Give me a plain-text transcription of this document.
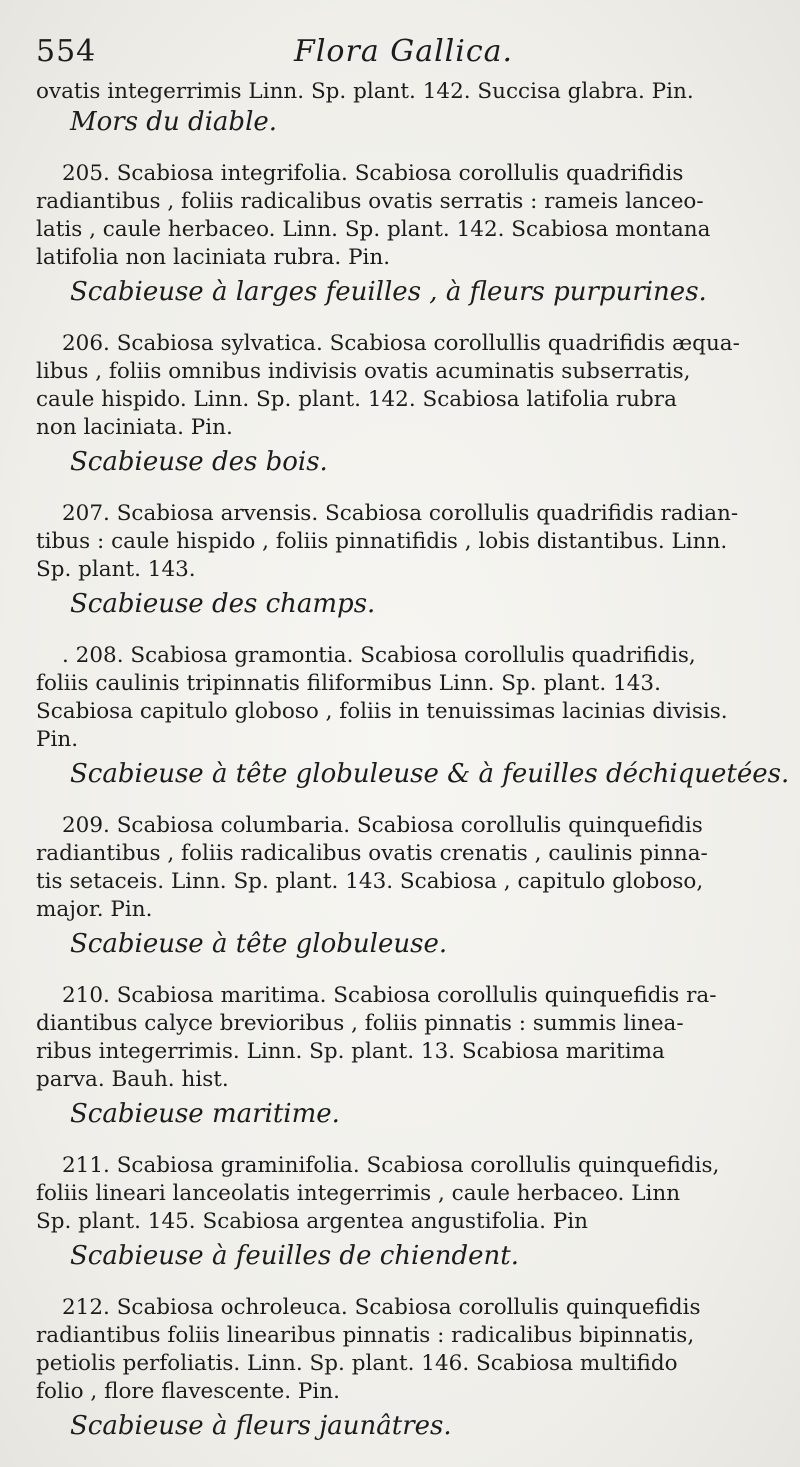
554	Flora Gallica.
ovatis integerrimis Linn. Sp. plant. 142. Succisa glabra. Pin.
Mors du diable.
205. Scabiosa integrifolia. Scabiosa corollulis quadrifidis
radiantibus , foliis radicalibus ovatis serratis : rameis lanceo-
latis , caule herbaceo. Linn. Sp. plant. 142. Scabiosa montana
latifolia non laciniata rubra. Pin.
Scabieuse à larges feuilles , à fleurs purpurines.
206. Scabiosa sylvatica. Scabiosa corollullis quadrifidis æqua-
libus , foliis omnibus indivisis ovatis acuminatis subserratis,
caule hispido. Linn. Sp. plant. 142. Scabiosa latifolia rubra
non laciniata. Pin.
Scabieuse des bois.
207. Scabiosa arvensis. Scabiosa corollulis quadrifidis radian-
tibus : caule hispido , foliis pinnatifidis , lobis distantibus. Linn.
Sp. plant. 143.
Scabieuse des champs.
. 208. Scabiosa gramontia. Scabiosa corollulis quadrifidis,
foliis caulinis tripinnatis filiformibus Linn. Sp. plant. 143.
Scabiosa capitulo globoso , foliis in tenuissimas lacinias divisis.
Pin.
Scabieuse à tête globuleuse & à feuilles déchiquetées.
209. Scabiosa columbaria. Scabiosa corollulis quinquefidis
radiantibus , foliis radicalibus ovatis crenatis , caulinis pinna-
tis setaceis. Linn. Sp. plant. 143. Scabiosa , capitulo globoso,
major. Pin.
Scabieuse à tête globuleuse.
210. Scabiosa maritima. Scabiosa corollulis quinquefidis ra-
diantibus calyce brevioribus , foliis pinnatis : summis linea-
ribus integerrimis. Linn. Sp. plant. 13. Scabiosa maritima
parva. Bauh. hist.
Scabieuse maritime.
211. Scabiosa graminifolia. Scabiosa corollulis quinquefidis,
foliis lineari lanceolatis integerrimis , caule herbaceo. Linn
Sp. plant. 145. Scabiosa argentea angustifolia. Pin
Scabieuse à feuilles de chiendent.
212. Scabiosa ochroleuca. Scabiosa corollulis quinquefidis
radiantibus foliis linearibus pinnatis : radicalibus bipinnatis,
petiolis perfoliatis. Linn. Sp. plant. 146. Scabiosa multifido
folio , flore flavescente. Pin.
Scabieuse à fleurs jaunâtres.
